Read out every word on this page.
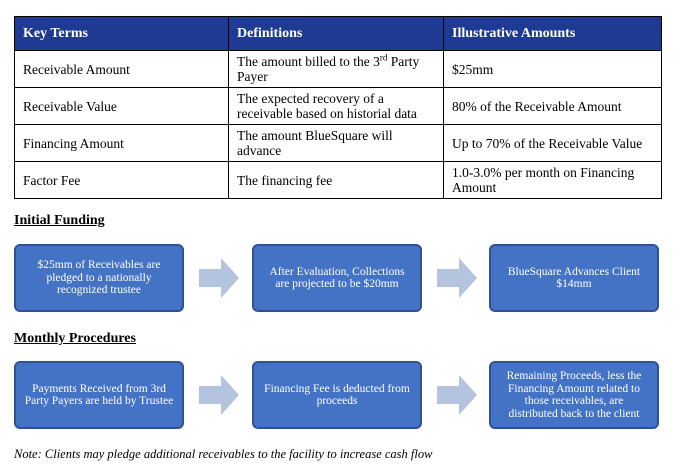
Key Terms	Definitions	Illustrative Amounts
Receivable Amount	The amount billed to the 3rd Party Payer	$25mm
Receivable Value	The expected recovery of a receivable based on historial data	80% of the Receivable Amount
Financing Amount	The amount BlueSquare will advance	Up to 70% of the Receivable Value
Factor Fee	The financing fee	1.0-3.0% per month on Financing Amount
Initial Funding
$25mm of Receivables are pledged to a nationally recognized trustee
After Evaluation, Collections are projected to be $20mm
BlueSquare Advances Client $14mm
Monthly Procedures
Payments Received from 3rd Party Payers are held by Trustee
Financing Fee is deducted from proceeds
Remaining Proceeds, less the Financing Amount related to those receivables, are distributed back to the client
Note: Clients may pledge additional receivables to the facility to increase cash flow
